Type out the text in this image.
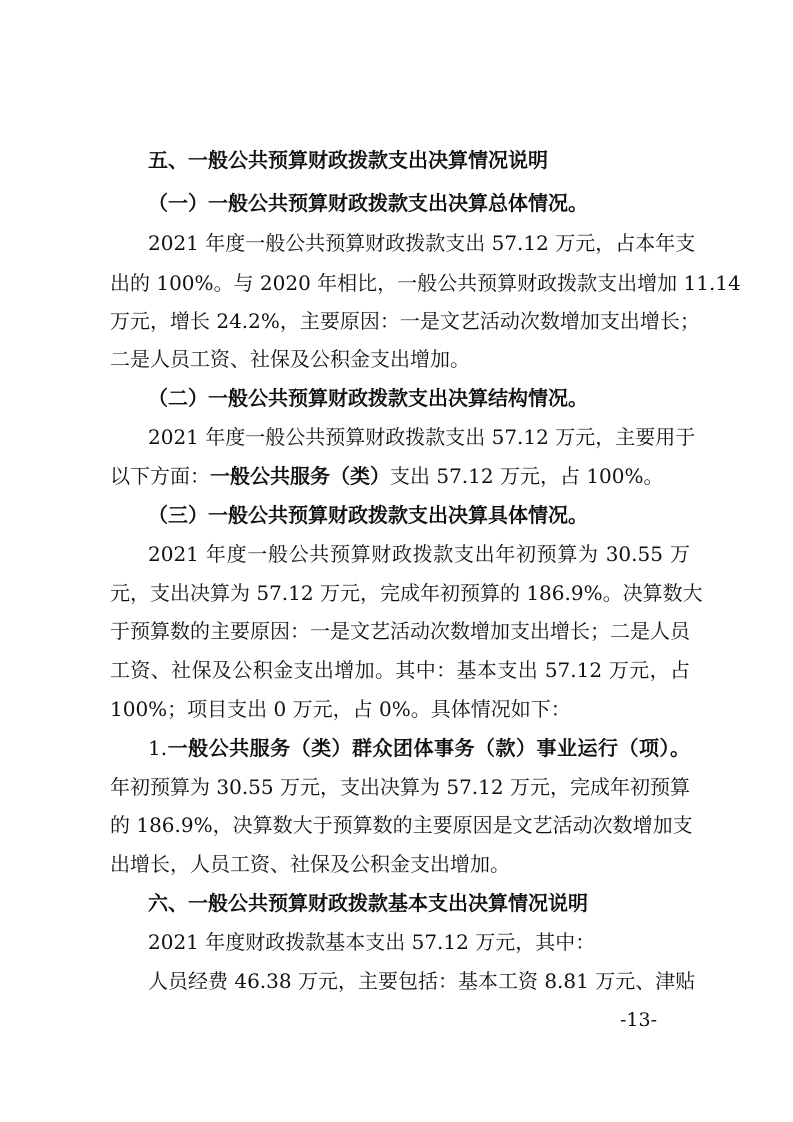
五、一般公共预算财政拨款支出决算情况说明
（一）一般公共预算财政拨款支出决算总体情况。
2021 年度一般公共预算财政拨款支出 57.12 万元，占本年支
出的 100%。与 2020 年相比，一般公共预算财政拨款支出增加 11.14
万元，增长 24.2%，主要原因：一是文艺活动次数增加支出增长；
二是人员工资、社保及公积金支出增加。
（二）一般公共预算财政拨款支出决算结构情况。
2021 年度一般公共预算财政拨款支出 57.12 万元，主要用于
以下方面：一般公共服务（类）支出 57.12 万元，占 100%。
（三）一般公共预算财政拨款支出决算具体情况。
2021 年度一般公共预算财政拨款支出年初预算为 30.55 万
元，支出决算为 57.12 万元，完成年初预算的 186.9%。决算数大
于预算数的主要原因：一是文艺活动次数增加支出增长；二是人员
工资、社保及公积金支出增加。其中：基本支出 57.12 万元，占
100%；项目支出 0 万元，占 0%。具体情况如下：
1.一般公共服务（类）群众团体事务（款）事业运行（项）。
年初预算为 30.55 万元，支出决算为 57.12 万元，完成年初预算
的 186.9%，决算数大于预算数的主要原因是文艺活动次数增加支
出增长，人员工资、社保及公积金支出增加。
六、一般公共预算财政拨款基本支出决算情况说明
2021 年度财政拨款基本支出 57.12 万元，其中：
人员经费 46.38 万元，主要包括：基本工资 8.81 万元、津贴
-13-
